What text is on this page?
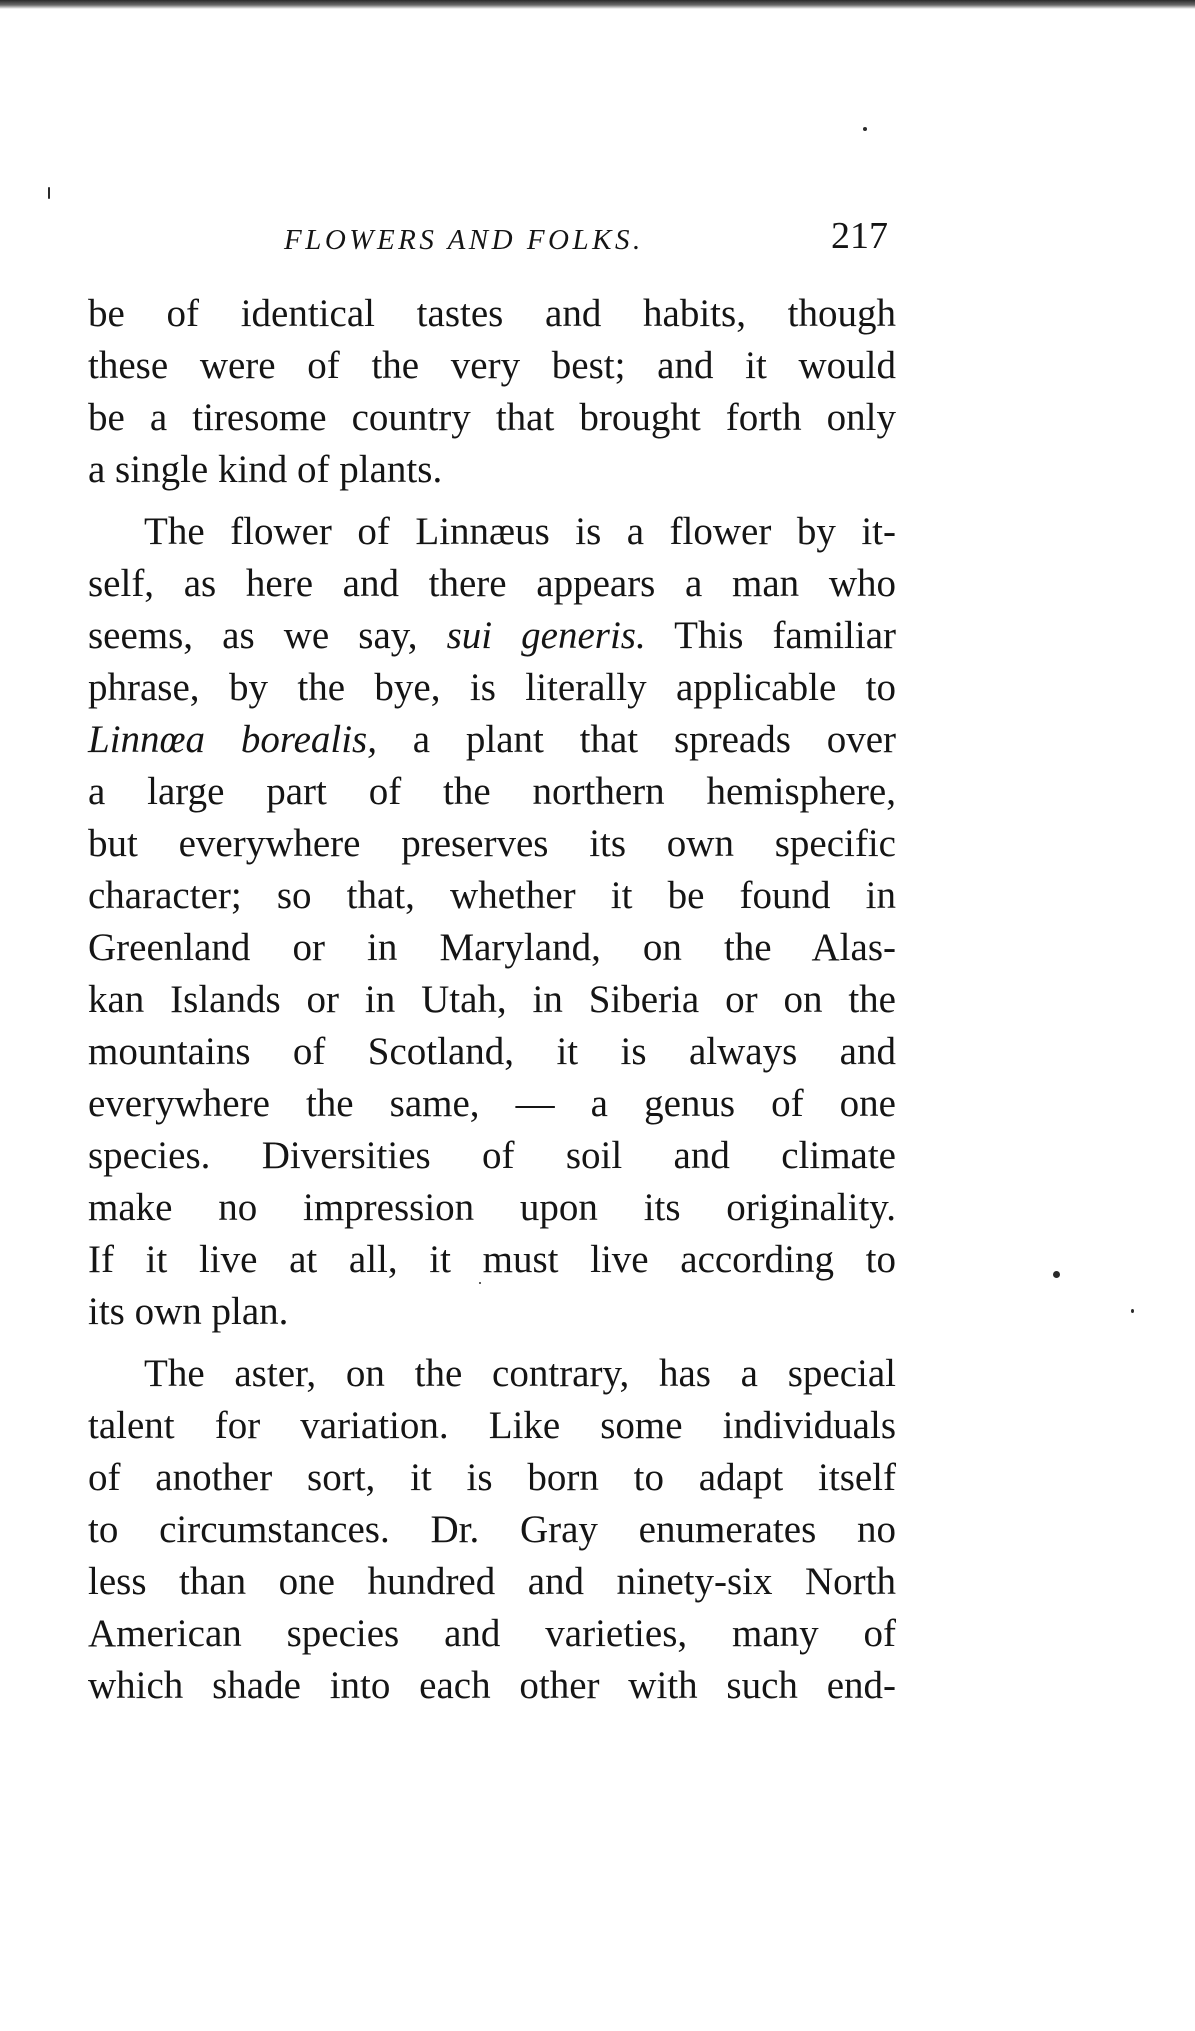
FLOWERS AND FOLKS.	217
be of identical tastes and habits, though
these were of the very best; and it would
be a tiresome country that brought forth only
a single kind of plants.
The flower of Linnæus is a flower by it-
self, as here and there appears a man who
seems, as we say, sui generis. This familiar
phrase, by the bye, is literally applicable to
Linnœa borealis, a plant that spreads over
a large part of the northern hemisphere,
but everywhere preserves its own specific
character; so that, whether it be found in
Greenland or in Maryland, on the Alas-
kan Islands or in Utah, in Siberia or on the
mountains of Scotland, it is always and
everywhere the same, — a genus of one
species. Diversities of soil and climate
make no impression upon its originality.
If it live at all, it must live according to
its own plan.
The aster, on the contrary, has a special
talent for variation. Like some individuals
of another sort, it is born to adapt itself
to circumstances. Dr. Gray enumerates no
less than one hundred and ninety-six North
American species and varieties, many of
which shade into each other with such end-
